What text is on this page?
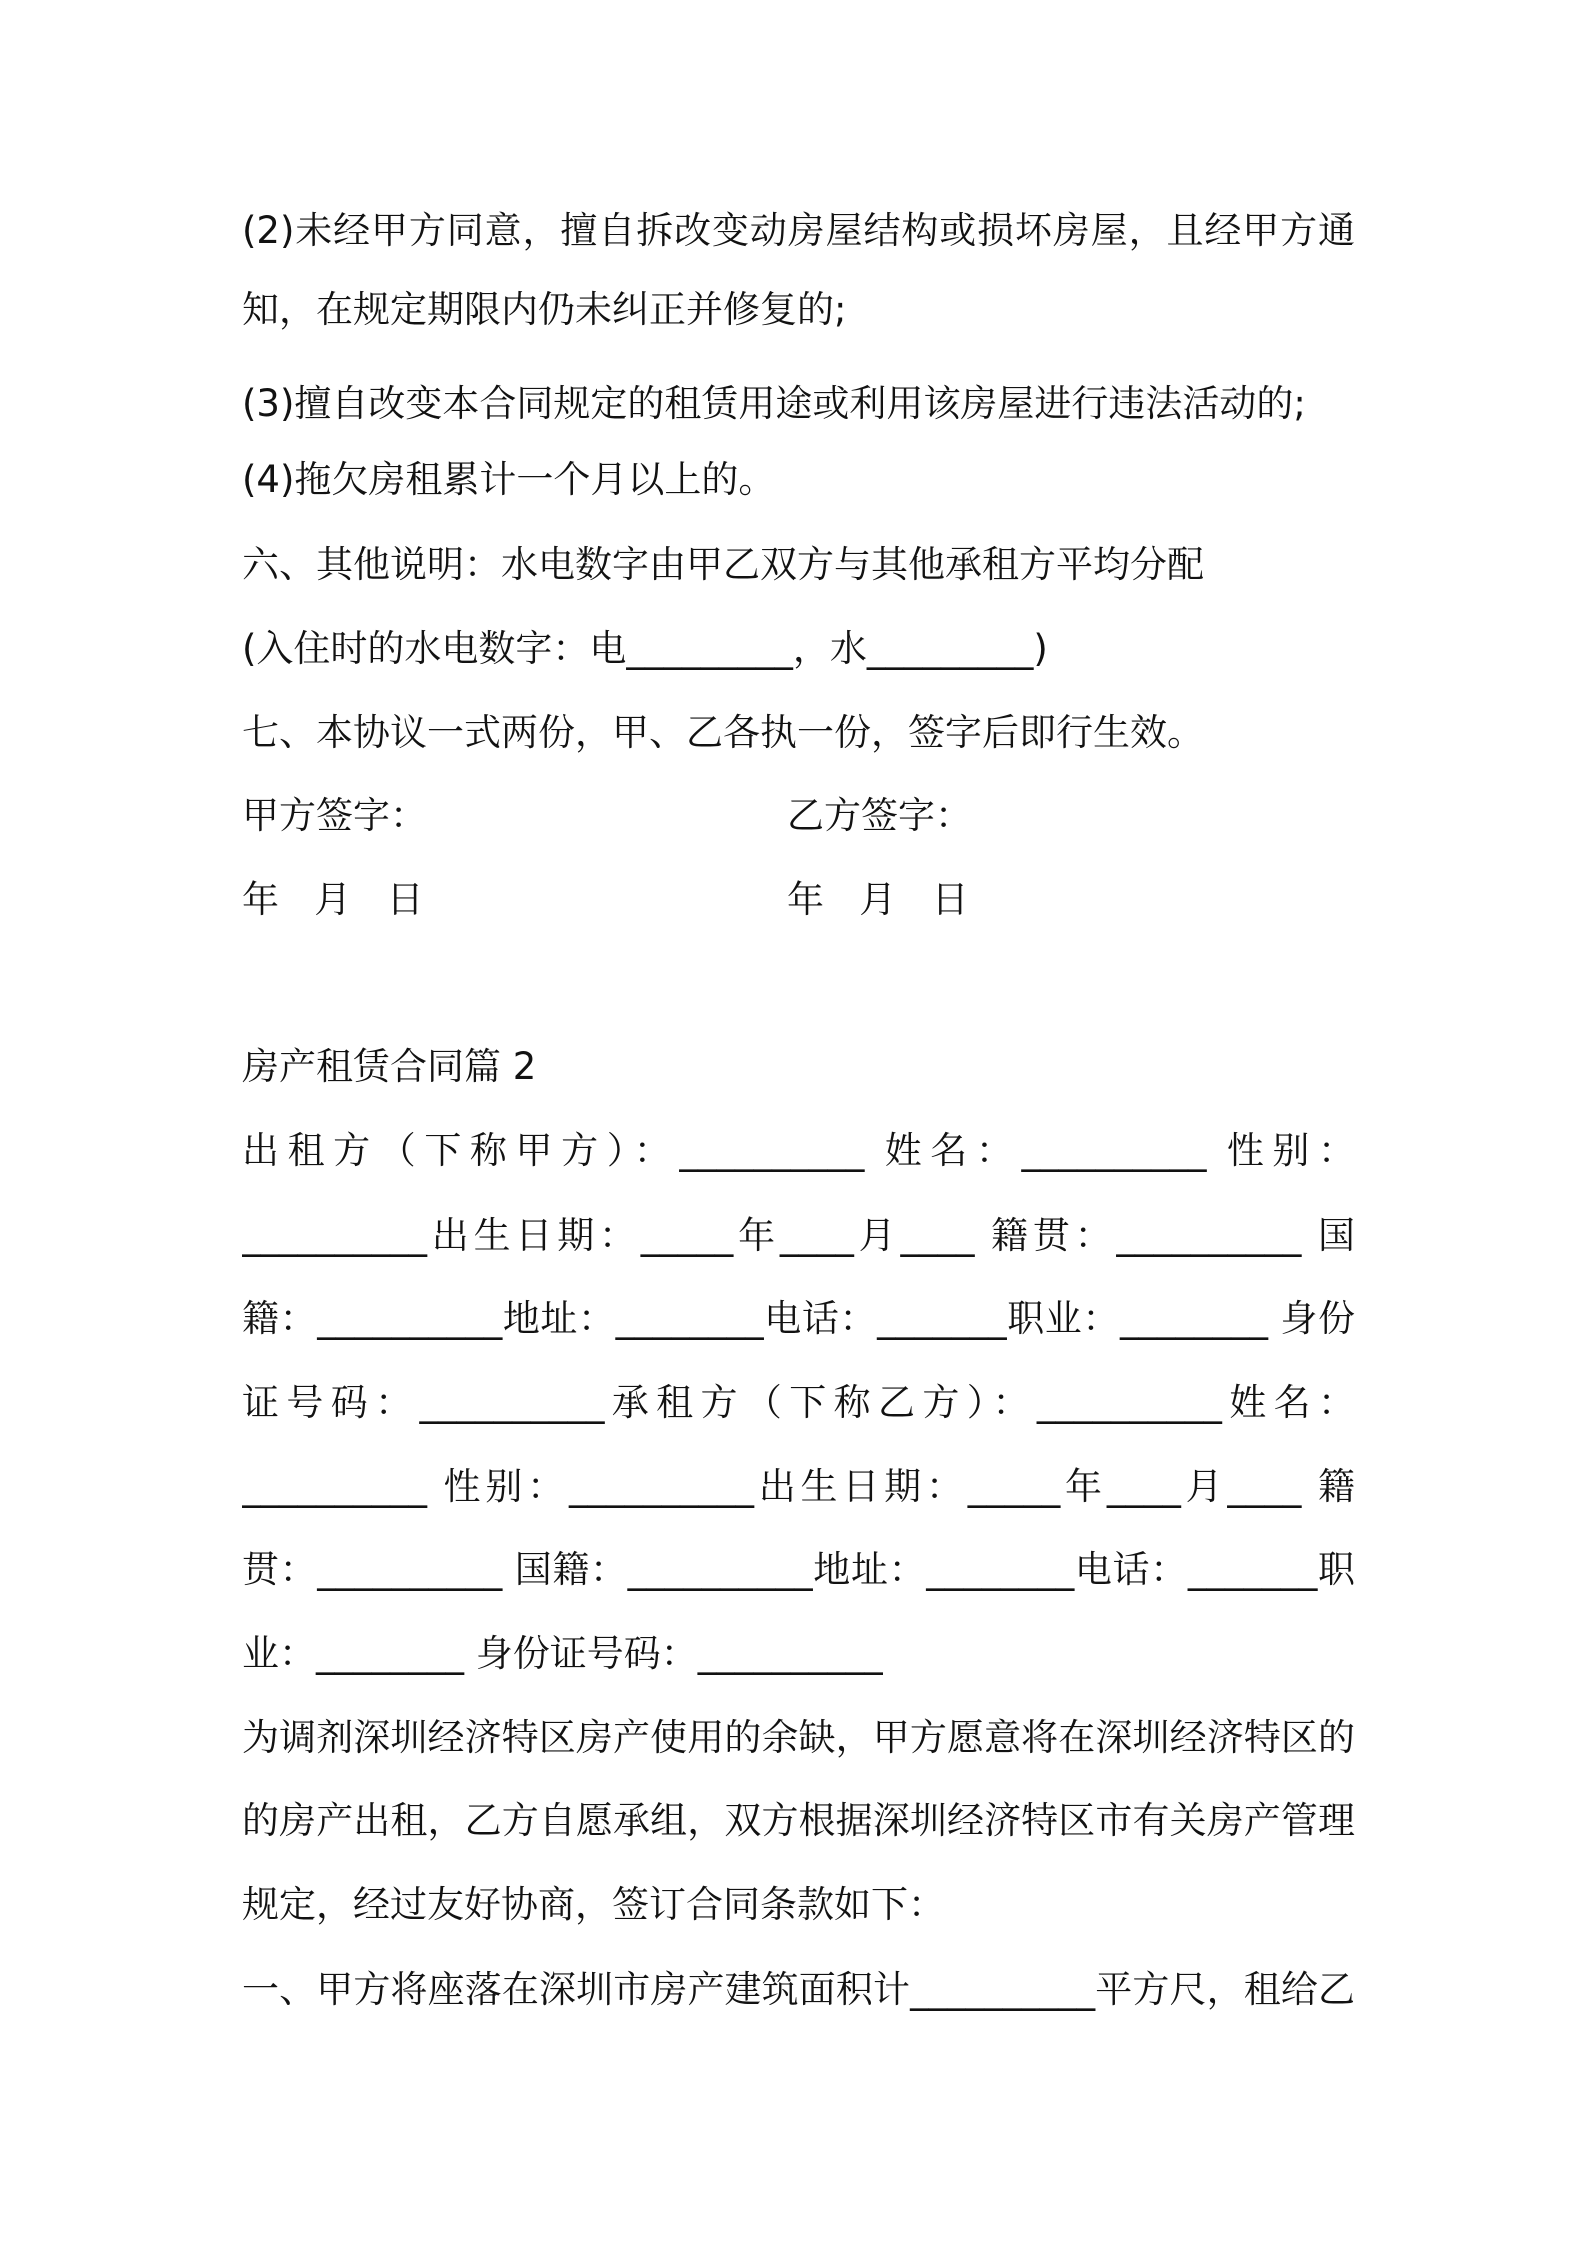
(2)未经甲方同意，擅自拆改变动房屋结构或损坏房屋，且经甲方通
知，在规定期限内仍未纠正并修复的;
(3)擅自改变本合同规定的租赁用途或利用该房屋进行违法活动的;
(4)拖欠房租累计一个月以上的。
六、其他说明：水电数字由甲乙双方与其他承租方平均分配
(入住时的水电数字：电_________，水_________)
七、本协议一式两份，甲、乙各执一份，签字后即行生效。
甲方签字：	乙方签字：
年   月   日	年   月   日
房产租赁合同篇 2
出租方（下称甲方）：__________ 姓名：__________ 性别：
__________出生日期：_____年____月____ 籍贯：__________ 国
籍：__________地址：________电话：_______职业：________ 身份
证号码：__________承租方（下称乙方）：__________姓名：
__________ 性别：__________出生日期：_____年____月____ 籍
贯：__________ 国籍：__________地址：________电话：_______职
业：________ 身份证号码：__________
为调剂深圳经济特区房产使用的余缺，甲方愿意将在深圳经济特区的
的房产出租，乙方自愿承组，双方根据深圳经济特区市有关房产管理
规定，经过友好协商，签订合同条款如下：
一、甲方将座落在深圳市房产建筑面积计__________平方尺，租给乙
